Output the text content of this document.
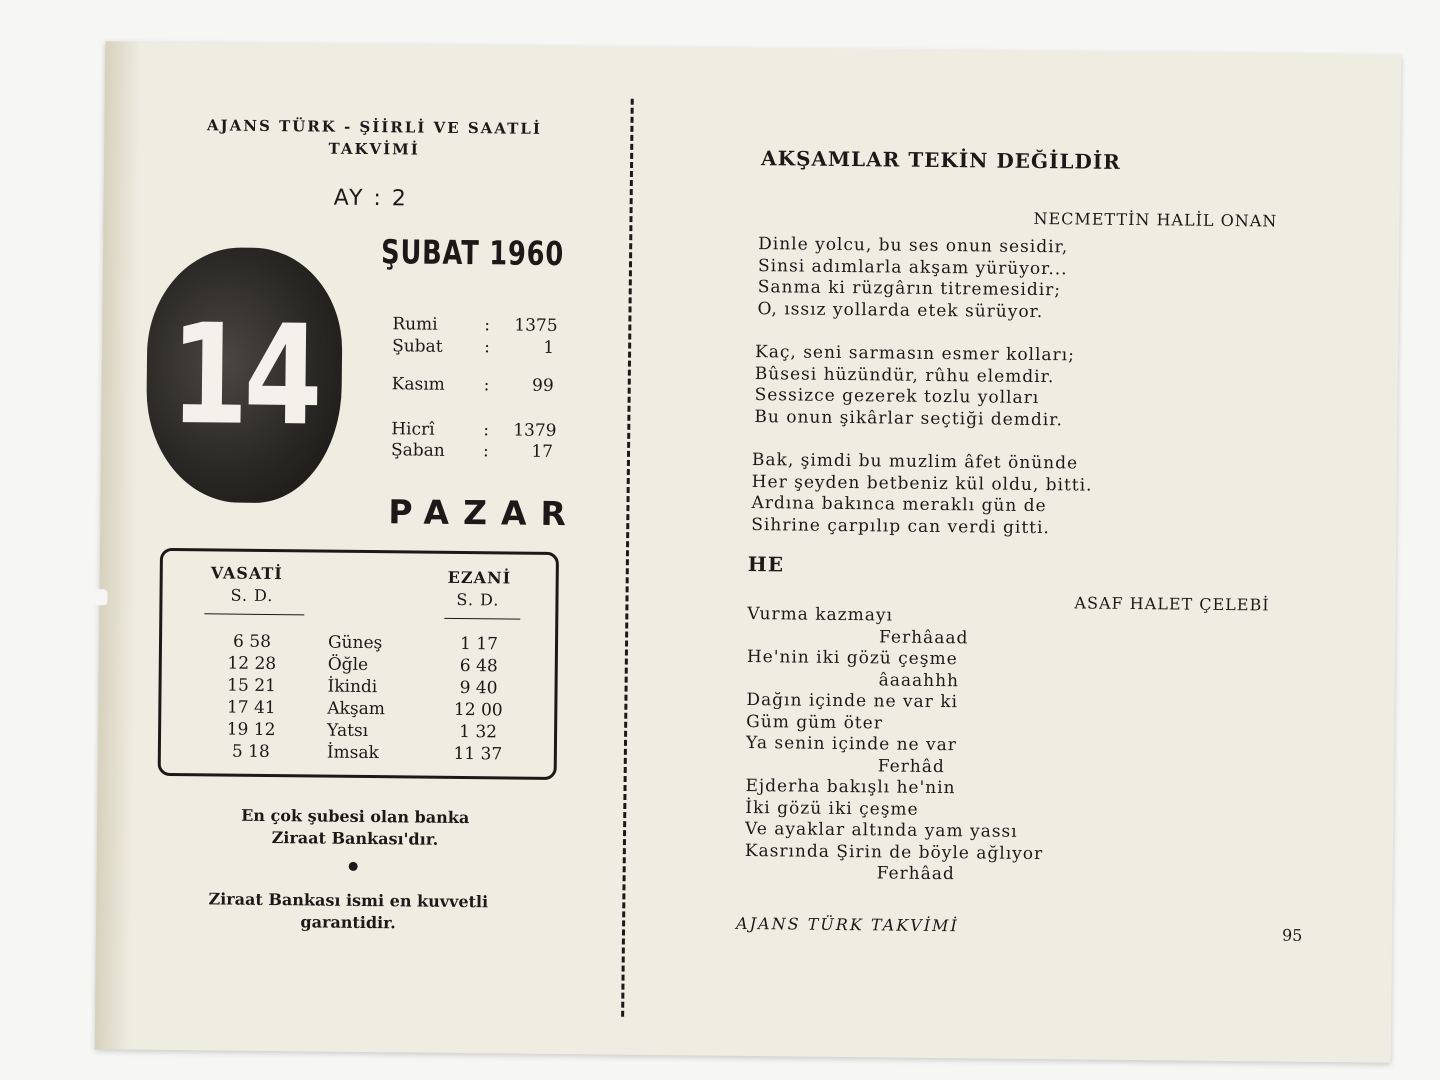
AJANS TÜRK - ŞİİRLİ VE SAATLİ
TAKVİMİ
AY : 2
ŞUBAT 1960
14	Rumi	: 1375
Şubat :	1
Kasım : 99
Hicrî	: 1379
Şaban : 17
PAZAR
VASATİ
S. D.
EZANİ
S. D.
6 58	Güneş	1 17
12 28	Öğle	6 48
15 21	İkindi	9 40
17 41	Akşam	12 00
19 12	Yatsı	1 32
5 18	İmsak	11 37
En çok şubesi olan banka
Ziraat Bankası'dır.
Ziraat Bankası ismi en kuvvetli
garantidir.
AKŞAMLAR TEKİN DEĞİLDİR
NECMETTİN HALİL ONAN
Dinle yolcu, bu ses onun sesidir,
Sinsi adımlarla akşam yürüyor...
Sanma ki rüzgârın titremesidir;
O, ıssız yollarda etek sürüyor.
Kaç, seni sarmasın esmer kolları;
Bûsesi hüzündür, rûhu elemdir.
Sessizce gezerek tozlu yolları
Bu onun şikârlar seçtiği demdir.
Bak, şimdi bu muzlim âfet önünde
Her şeyden betbeniz kül oldu, bitti.
Ardına bakınca meraklı gün de
Sihrine çarpılıp can verdi gitti.
HE
ASAF HALET ÇELEBİ
Vurma kazmayı
Ferhâaad
He'nin iki gözü çeşme
âaaahhh
Dağın içinde ne var ki
Güm güm öter
Ya senin içinde ne var
Ferhâd
Ejderha bakışlı he'nin
İki gözü iki çeşme
Ve ayaklar altında yam yassı
Kasrında Şirin de böyle ağlıyor
Ferhâad
AJANS TÜRK TAKVİMİ	95
